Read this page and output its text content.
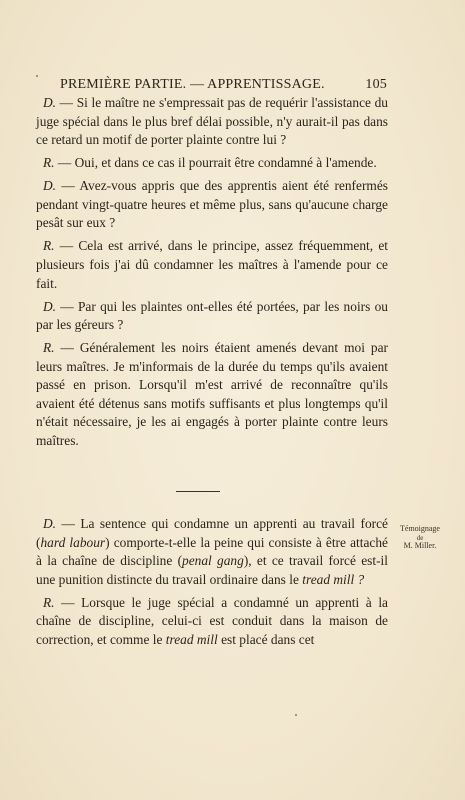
PREMIÈRE PARTIE. — APPRENTISSAGE.	105

D. — Si le maître ne s'empressait pas de requérir l'assistance du juge spécial dans le plus bref délai possible, n'y aurait-il pas dans ce retard un motif de porter plainte contre lui ?

R. — Oui, et dans ce cas il pourrait être condamné à l'amende.

D. — Avez-vous appris que des apprentis aient été renfermés pendant vingt-quatre heures et même plus, sans qu'aucune charge pesât sur eux ?

R. — Cela est arrivé, dans le principe, assez fréquemment, et plusieurs fois j'ai dû condamner les maîtres à l'amende pour ce fait.

D. — Par qui les plaintes ont-elles été portées, par les noirs ou par les géreurs ?

R. — Généralement les noirs étaient amenés devant moi par leurs maîtres. Je m'informais de la durée du temps qu'ils avaient passé en prison. Lorsqu'il m'est arrivé de reconnaître qu'ils avaient été détenus sans motifs suffisants et plus longtemps qu'il n'était nécessaire, je les ai engagés à porter plainte contre leurs maîtres.

D. — La sentence qui condamne un apprenti au travail forcé (hard labour) comporte-t-elle la peine qui consiste à être attaché à la chaîne de discipline (penal gang), et ce travail forcé est-il une punition distincte du travail ordinaire dans le tread mill ?

R. — Lorsque le juge spécial a condamné un apprenti à la chaîne de discipline, celui-ci est conduit dans la maison de correction, et comme le tread mill est placé dans cet

Témoignage
de
M. Miller.
